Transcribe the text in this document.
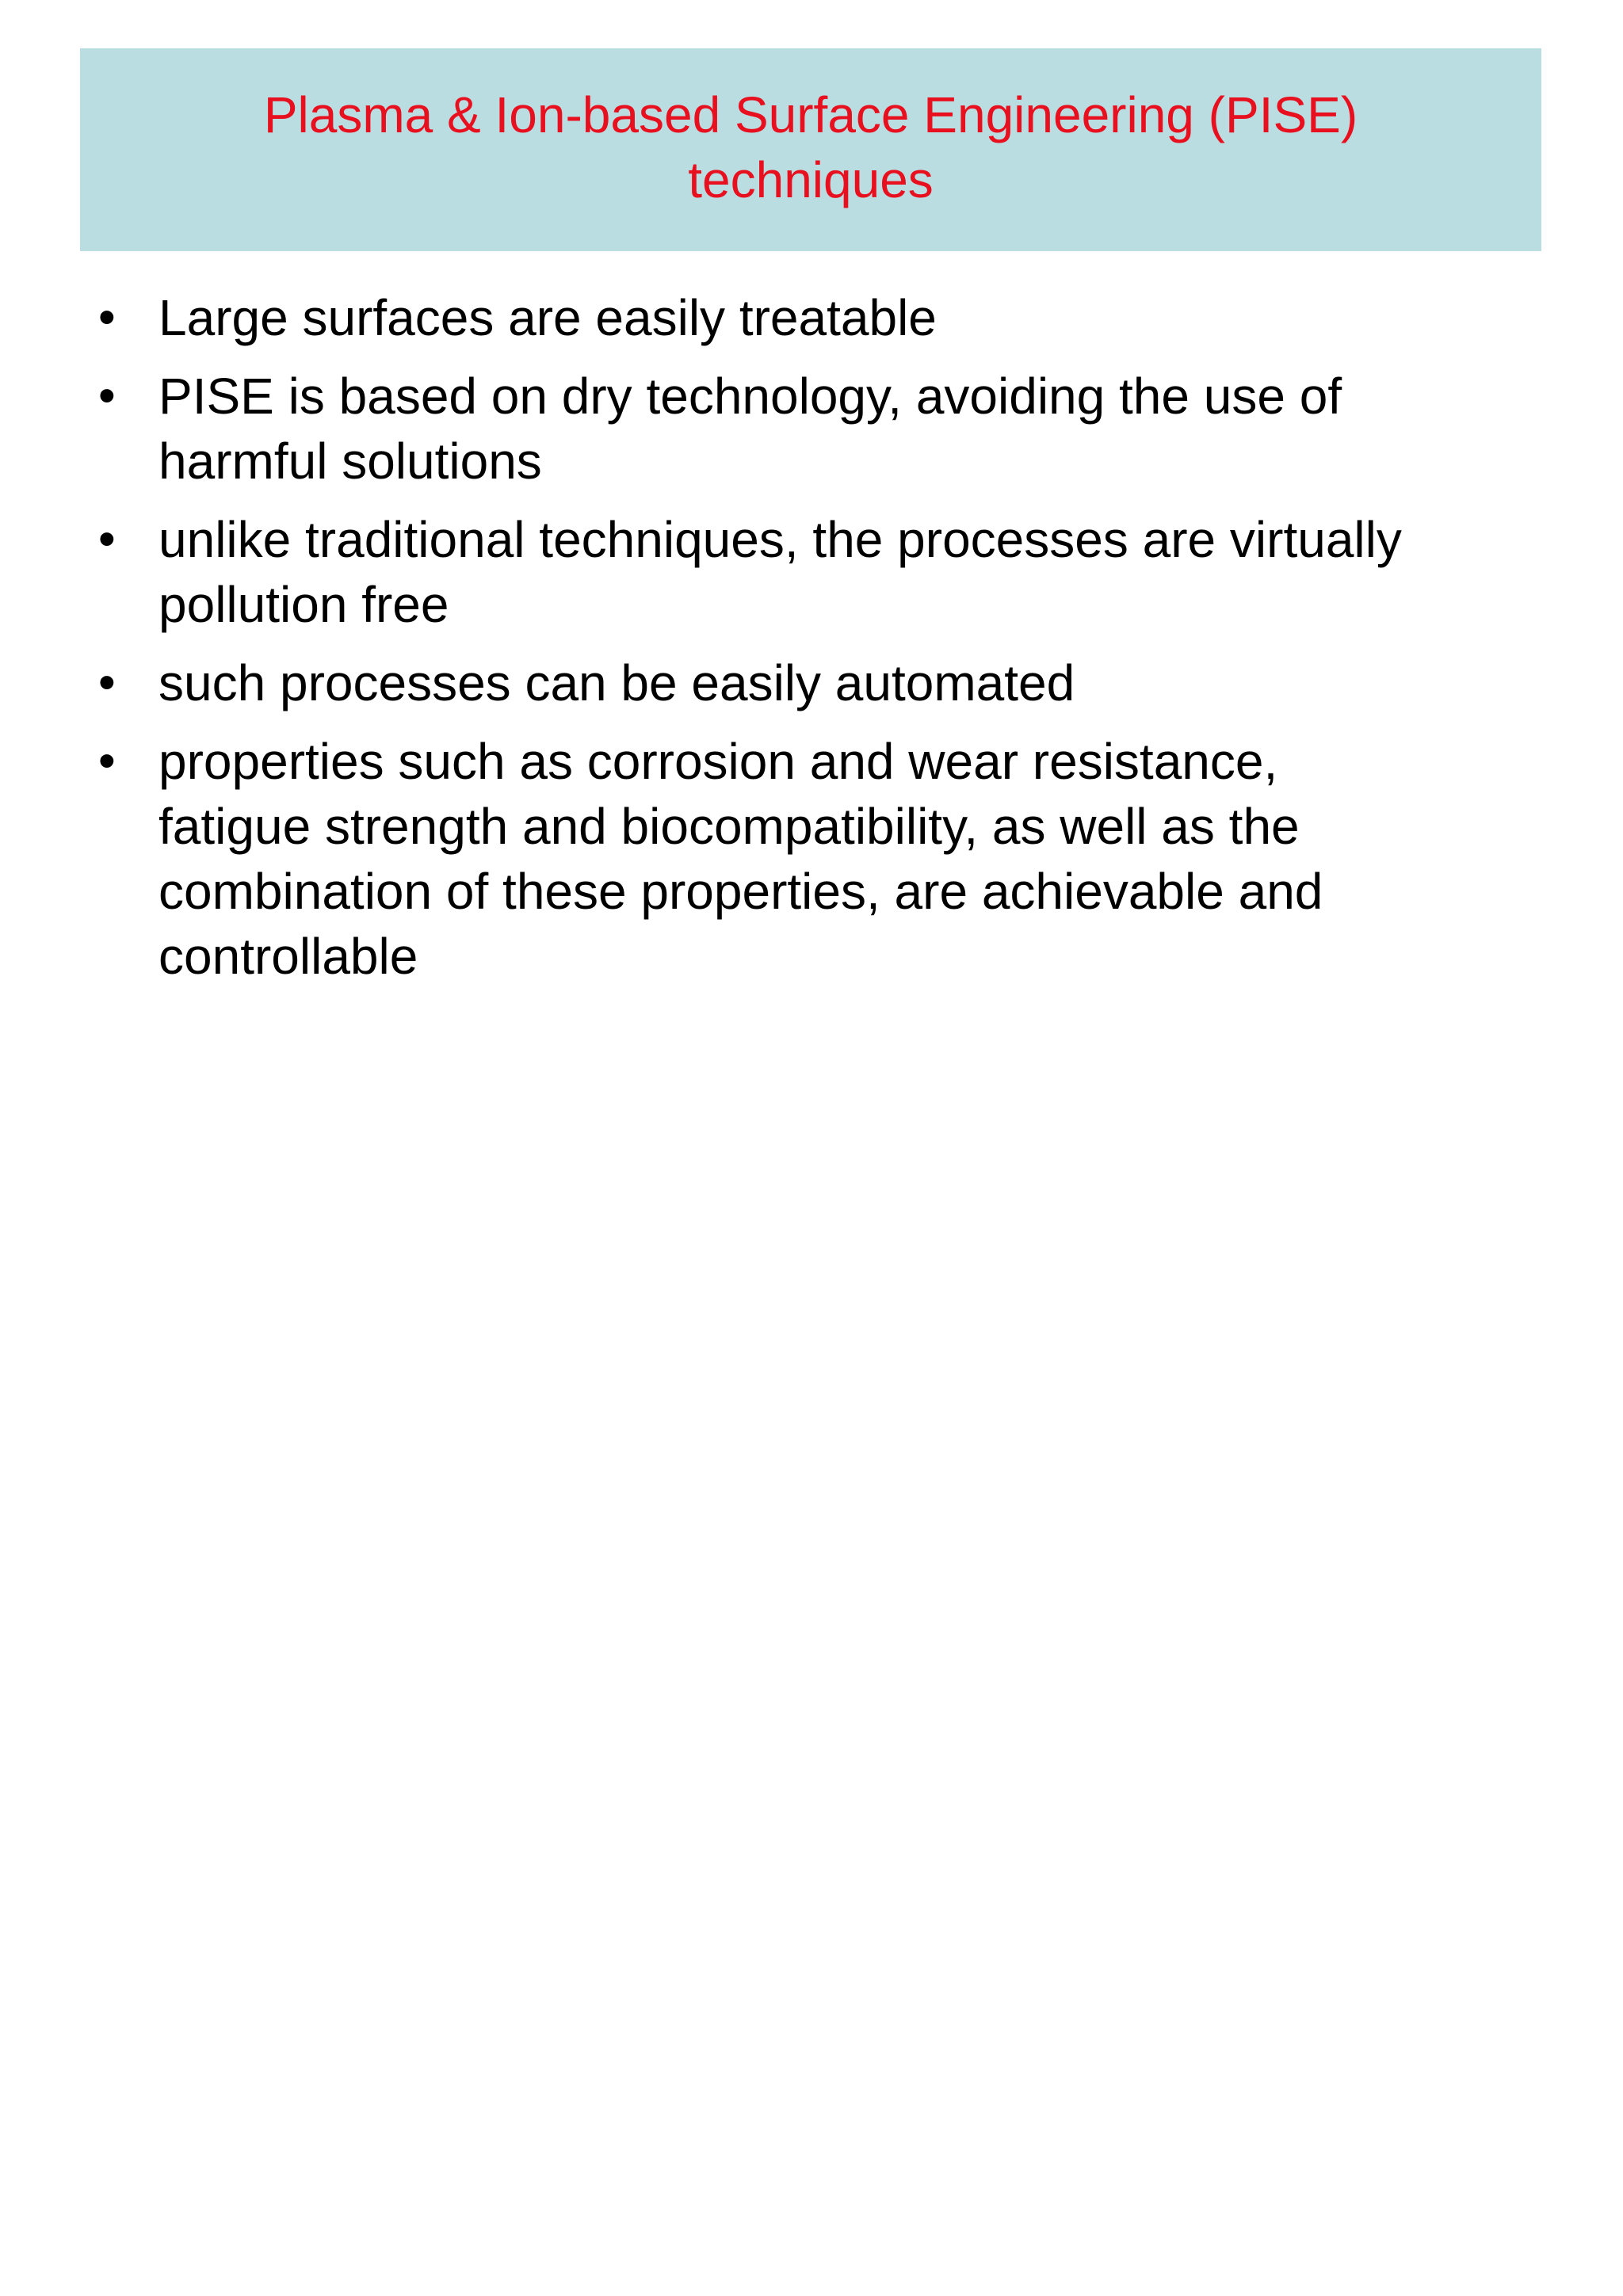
Plasma & Ion-based Surface Engineering (PISE)
techniques
• Large surfaces are easily treatable
• PISE is based on dry technology, avoiding the use of
harmful solutions
• unlike traditional techniques, the processes are virtually
pollution free
• such processes can be easily automated
• properties such as corrosion and wear resistance,
fatigue strength and biocompatibility, as well as the
combination of these properties, are achievable and
controllable
